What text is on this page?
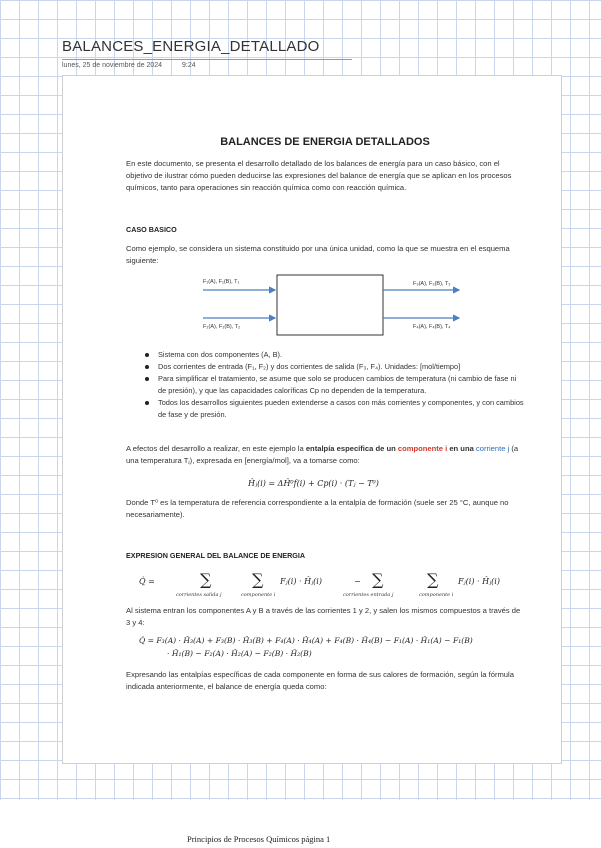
BALANCES_ENERGIA_DETALLADO
lunes, 25 de noviembre de 2024	9:24
BALANCES DE ENERGIA DETALLADOS

En este documento, se presenta el desarrollo detallado de los balances de energía para un caso básico, con el objetivo de ilustrar cómo pueden deducirse las expresiones del balance de energía que se aplican en los procesos químicos, tanto para operaciones sin reacción química como con reacción química.

CASO BASICO

Como ejemplo, se considera un sistema constituido por una única unidad, como la que se muestra en el esquema siguiente:

F₁(A), F₁(B), T₁
F₂(A), F₂(B), T₂
F₃(A), F₃(B), T₃
F₄(A), F₄(B), T₄
Sistema con dos componentes (A, B).
Dos corrientes de entrada (F₁, F₂) y dos corrientes de salida (F₃, F₄). Unidades: [mol/tiempo]
Para simplificar el tratamiento, se asume que solo se producen cambios de temperatura (ni cambio de fase ni de presión), y que las capacidades caloríficas Cp no dependen de la temperatura.
Todos los desarrollos siguientes pueden extenderse a casos con más corrientes y componentes, y con cambios de fase y de presión.

A efectos del desarrollo a realizar, en este ejemplo la entalpía específica de un componente i en una corriente j (a una temperatura Tⱼ), expresada en [energía/mol], va a tomarse como:

Ĥⱼ(i) = ΔĤ⁰f(i) + Cp(i) · (Tⱼ − T⁰)

Donde T⁰ es la temperatura de referencia correspondiente a la entalpía de formación (suele ser 25 °C, aunque no necesariamente).

EXPRESION GENERAL DEL BALANCE DE ENERGIA
Q̇ =	∑	∑ Fⱼ(i) · Ĥⱼ(i)	− ∑	∑ Fⱼ(i) · Ĥⱼ(i)
corrientes salida j	componente i	corrientes entrada j	componente i

Al sistema entran los componentes A y B a través de las corrientes 1 y 2, y salen los mismos compuestos a través de 3 y 4:

Q̇ = F₃(A) · Ĥ₃(A) + F₃(B) · Ĥ₃(B) + F₄(A) · Ĥ₄(A) + F₄(B) · Ĥ₄(B) − F₁(A) · Ĥ₁(A) − F₁(B)
· Ĥ₁(B) − F₂(A) · Ĥ₂(A) − F₂(B) · Ĥ₂(B)

Expresando las entalpías específicas de cada componente en forma de sus calores de formación, según la fórmula indicada anteriormente, el balance de energía queda como:

Principios de Procesos Químicos página 1
